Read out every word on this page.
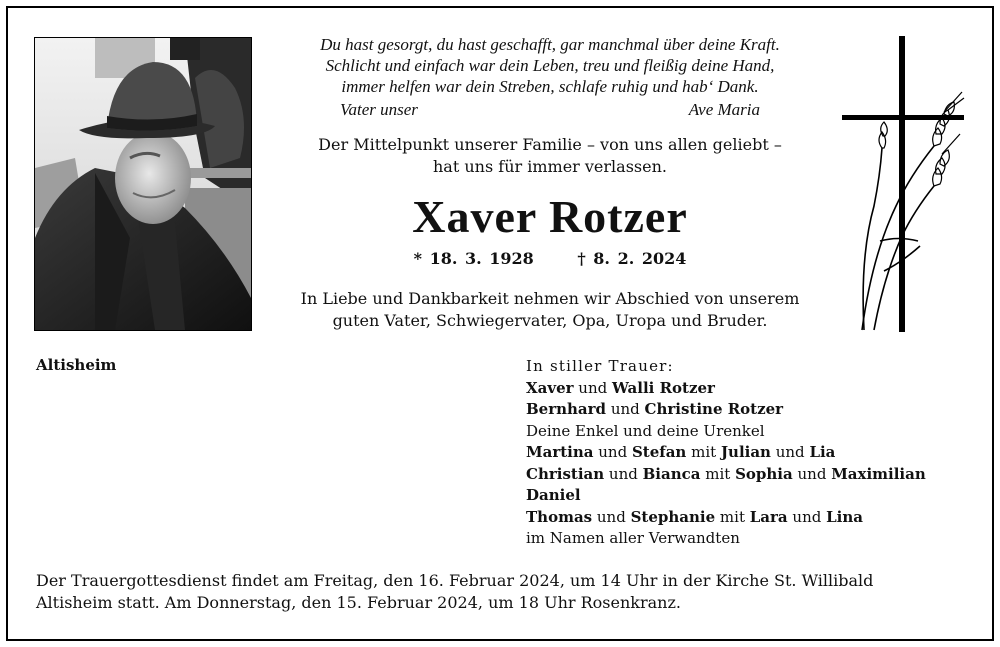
Du hast gesorgt, du hast geschafft, gar manchmal über deine Kraft.
Schlicht und einfach war dein Leben, treu und fleißig deine Hand,
immer helfen war dein Streben, schlafe ruhig und hab‘ Dank.
Vater unser	Ave Maria
Der Mittelpunkt unserer Familie – von uns allen geliebt –
hat uns für immer verlassen.
Xaver Rotzer
* 18. 3. 1928	† 8. 2. 2024
In Liebe und Dankbarkeit nehmen wir Abschied von unserem
guten Vater, Schwiegervater, Opa, Uropa und Bruder.
Altisheim	In stiller Trauer:
Xaver und Walli Rotzer
Bernhard und Christine Rotzer
Deine Enkel und deine Urenkel
Martina und Stefan mit Julian und Lia
Christian und Bianca mit Sophia und Maximilian
Daniel
Thomas und Stephanie mit Lara und Lina
im Namen aller Verwandten
Der Trauergottesdienst findet am Freitag, den 16. Februar 2024, um 14 Uhr in der Kirche St. Willibald
Altisheim statt. Am Donnerstag, den 15. Februar 2024, um 18 Uhr Rosenkranz.
